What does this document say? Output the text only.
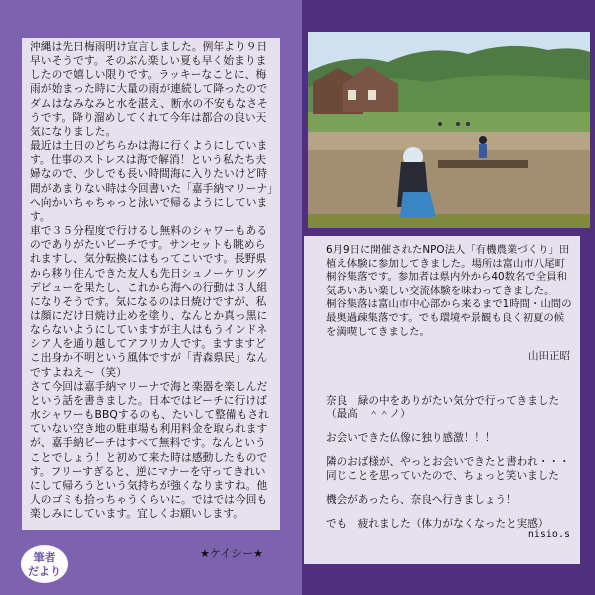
沖縄は先日梅雨明け宣言しました。例年より９日早いそうです。そのぶん楽しい夏も早く始まりましたので嬉しい限りです。ラッキーなことに、梅雨が始まった時に大量の雨が連続して降ったのでダムはなみなみと水を湛え、断水の不安もなさそうです。降り溜めしてくれて今年は都合の良い天気になりました。

最近は土日のどちらかは海に行くようにしています。仕事のストレスは海で解消！という私たち夫婦なので、少しでも長い時間海に入りたいけど時間があまりない時は今回書いた「嘉手納マリーナ」へ向かいちゃちゃっと泳いで帰るようにしています。

車で３５分程度で行けるし無料のシャワーもあるのでありがたいビーチです。サンセットも眺められますし、気分転換にはもってこいです。長野県から移り住んできた友人も先日シュノーケリングデビューを果たし、これから海への行動は３人組になりそうです。気になるのは日焼けですが、私は顔にだけ日焼け止めを塗り、なんとか真っ黒にならないようにしていますが主人はもうインドネシア人を通り越してアフリカ人です。ますますどこ出身か不明という風体ですが「青森県民」なんですよねえ～（笑）

さて今回は嘉手納マリーナで海と楽器を楽しんだという話を書きました。日本ではビーチに行けば水シャワーもBBQするのも、たいして整備もされていない空き地の駐車場も利用料金を取られますが、嘉手納ビーチはすべて無料です。なんということでしょう！と初めて来た時は感動したものです。フリーすぎると、逆にマナーを守ってきれいにして帰ろうという気持ちが強くなりますね。他人のゴミも拾っちゃうくらいに。ではでは今回も楽しみにしています。宜しくお願いします。

★ケイシー★
筆者
だより

6月9日に開催されたNPO法人「有機農業づくり」田植え体験に参加してきました。場所は富山市八尾町桐谷集落です。参加者は県内外から40数名で全員和気あいあい楽しい交流体験を味わってきました。

桐谷集落は富山市中心部から来るまで1時間・山間の最奥過疎集落です。でも環境や景観も良く初夏の候を満喫してきました。

山田正昭

奈良　緑の中をありがたい気分で行ってきました（最高　＾＾ノ）

お会いできた仏像に独り感激！！！

隣のおば様が、やっとお会いできたと書われ・・・同じことを思っていたので、ちょっと笑いました

機会があったら、奈良へ行きましょう！

でも　疲れました（体力がなくなったと実感）

nisio.s
